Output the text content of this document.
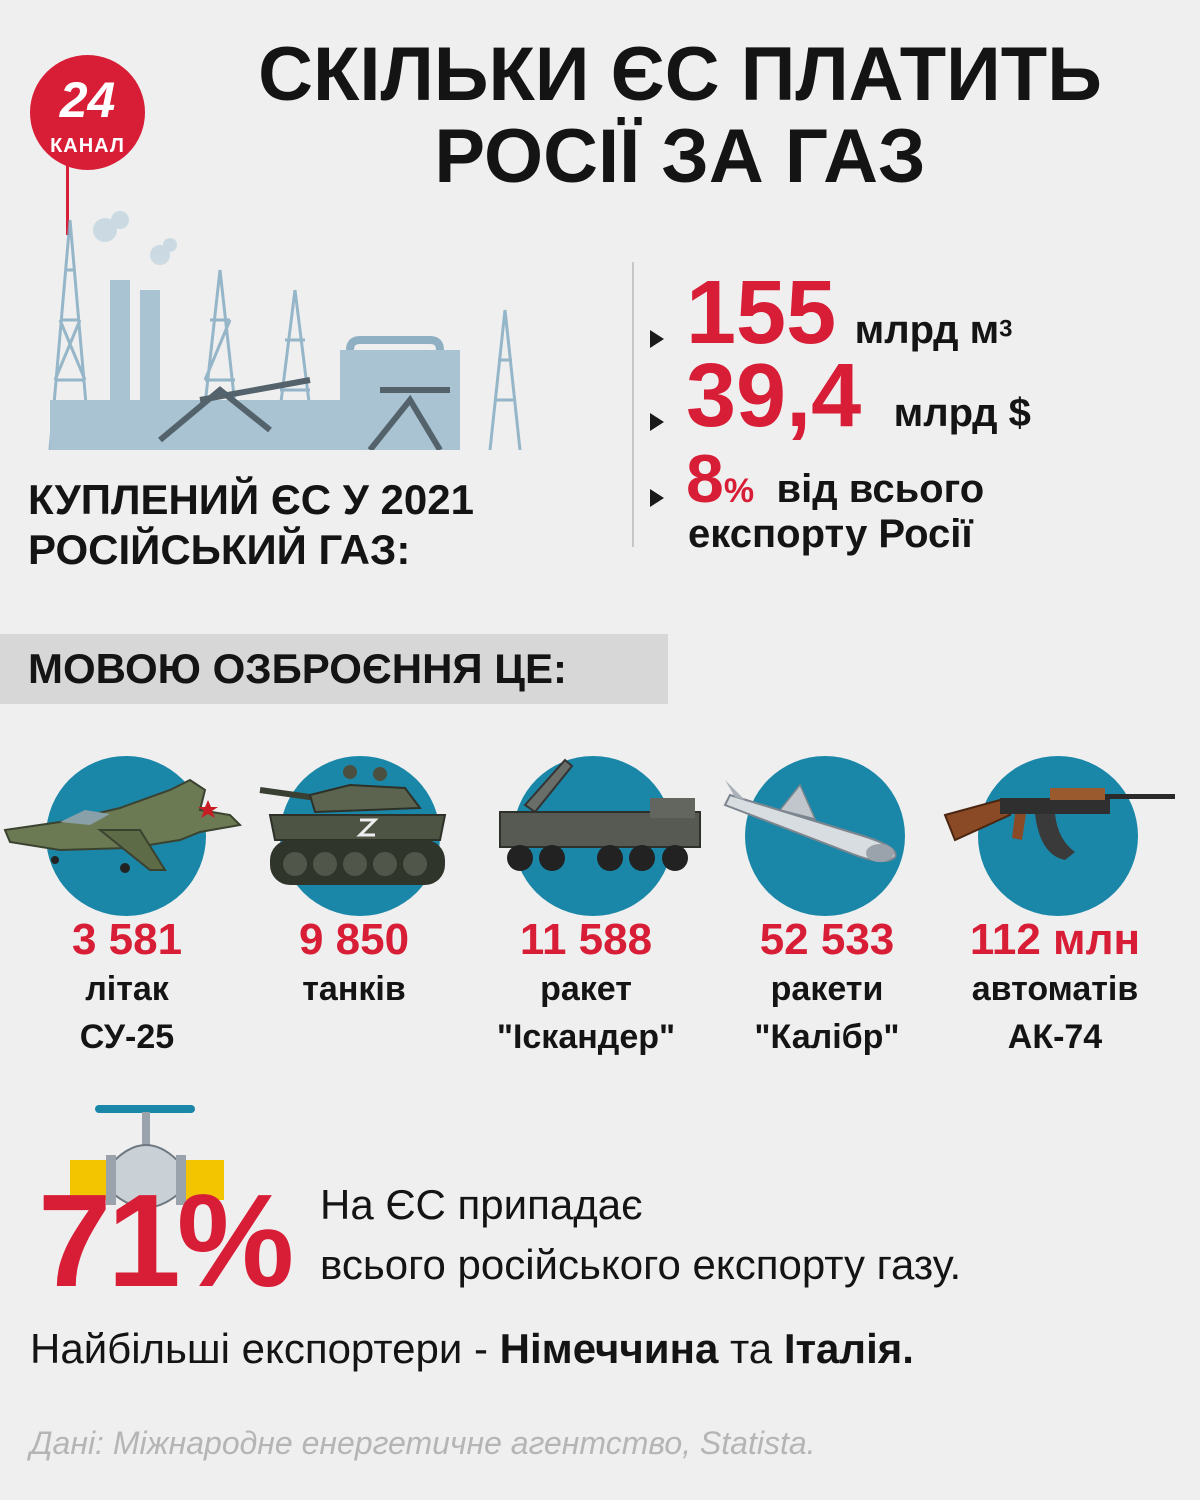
24
КАНАЛ
СКІЛЬКИ ЄС ПЛАТИТЬ
РОСІЇ ЗА ГАЗ
КУПЛЕНИЙ ЄС У 2021
РОСІЙСЬКИЙ ГАЗ:
155 млрд $м^3$
39,4 млрд $
8% від всього
експорту Росії
МОВОЮ ОЗБРОЄННЯ ЦЕ:
3 581
літак
СУ-25
9 850
танків
11 588
ракет
"Іскандер"
52 533
ракети
"Калібр"
112 млн
автоматів
АК-74
71% На ЄС припадає
всього російського експорту газу.
Найбільші експортери - Німеччина та Італія.
Дані: Міжнародне енергетичне агентство, Statista.
